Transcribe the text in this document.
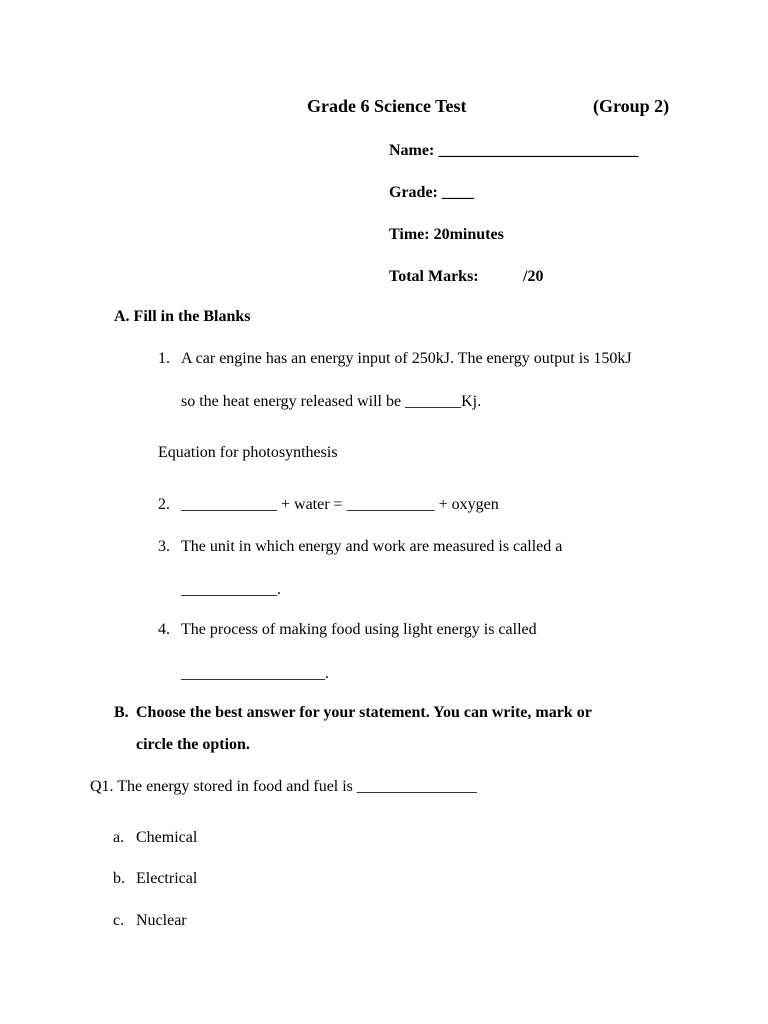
Grade 6 Science Test	(Group 2)
Name: _________________________
Grade: ____
Time: 20minutes
Total Marks:	/20
A. Fill in the Blanks
1. A car engine has an energy input of 250kJ. The energy output is 150kJ
so the heat energy released will be _______Kj.
Equation for photosynthesis
2. ____________ + water = ___________ + oxygen
3. The unit in which energy and work are measured is called a
____________.
4. The process of making food using light energy is called
__________________.
B. Choose the best answer for your statement. You can write, mark or
circle the option.
Q1. The energy stored in food and fuel is _______________
a. Chemical
b. Electrical
c. Nuclear
